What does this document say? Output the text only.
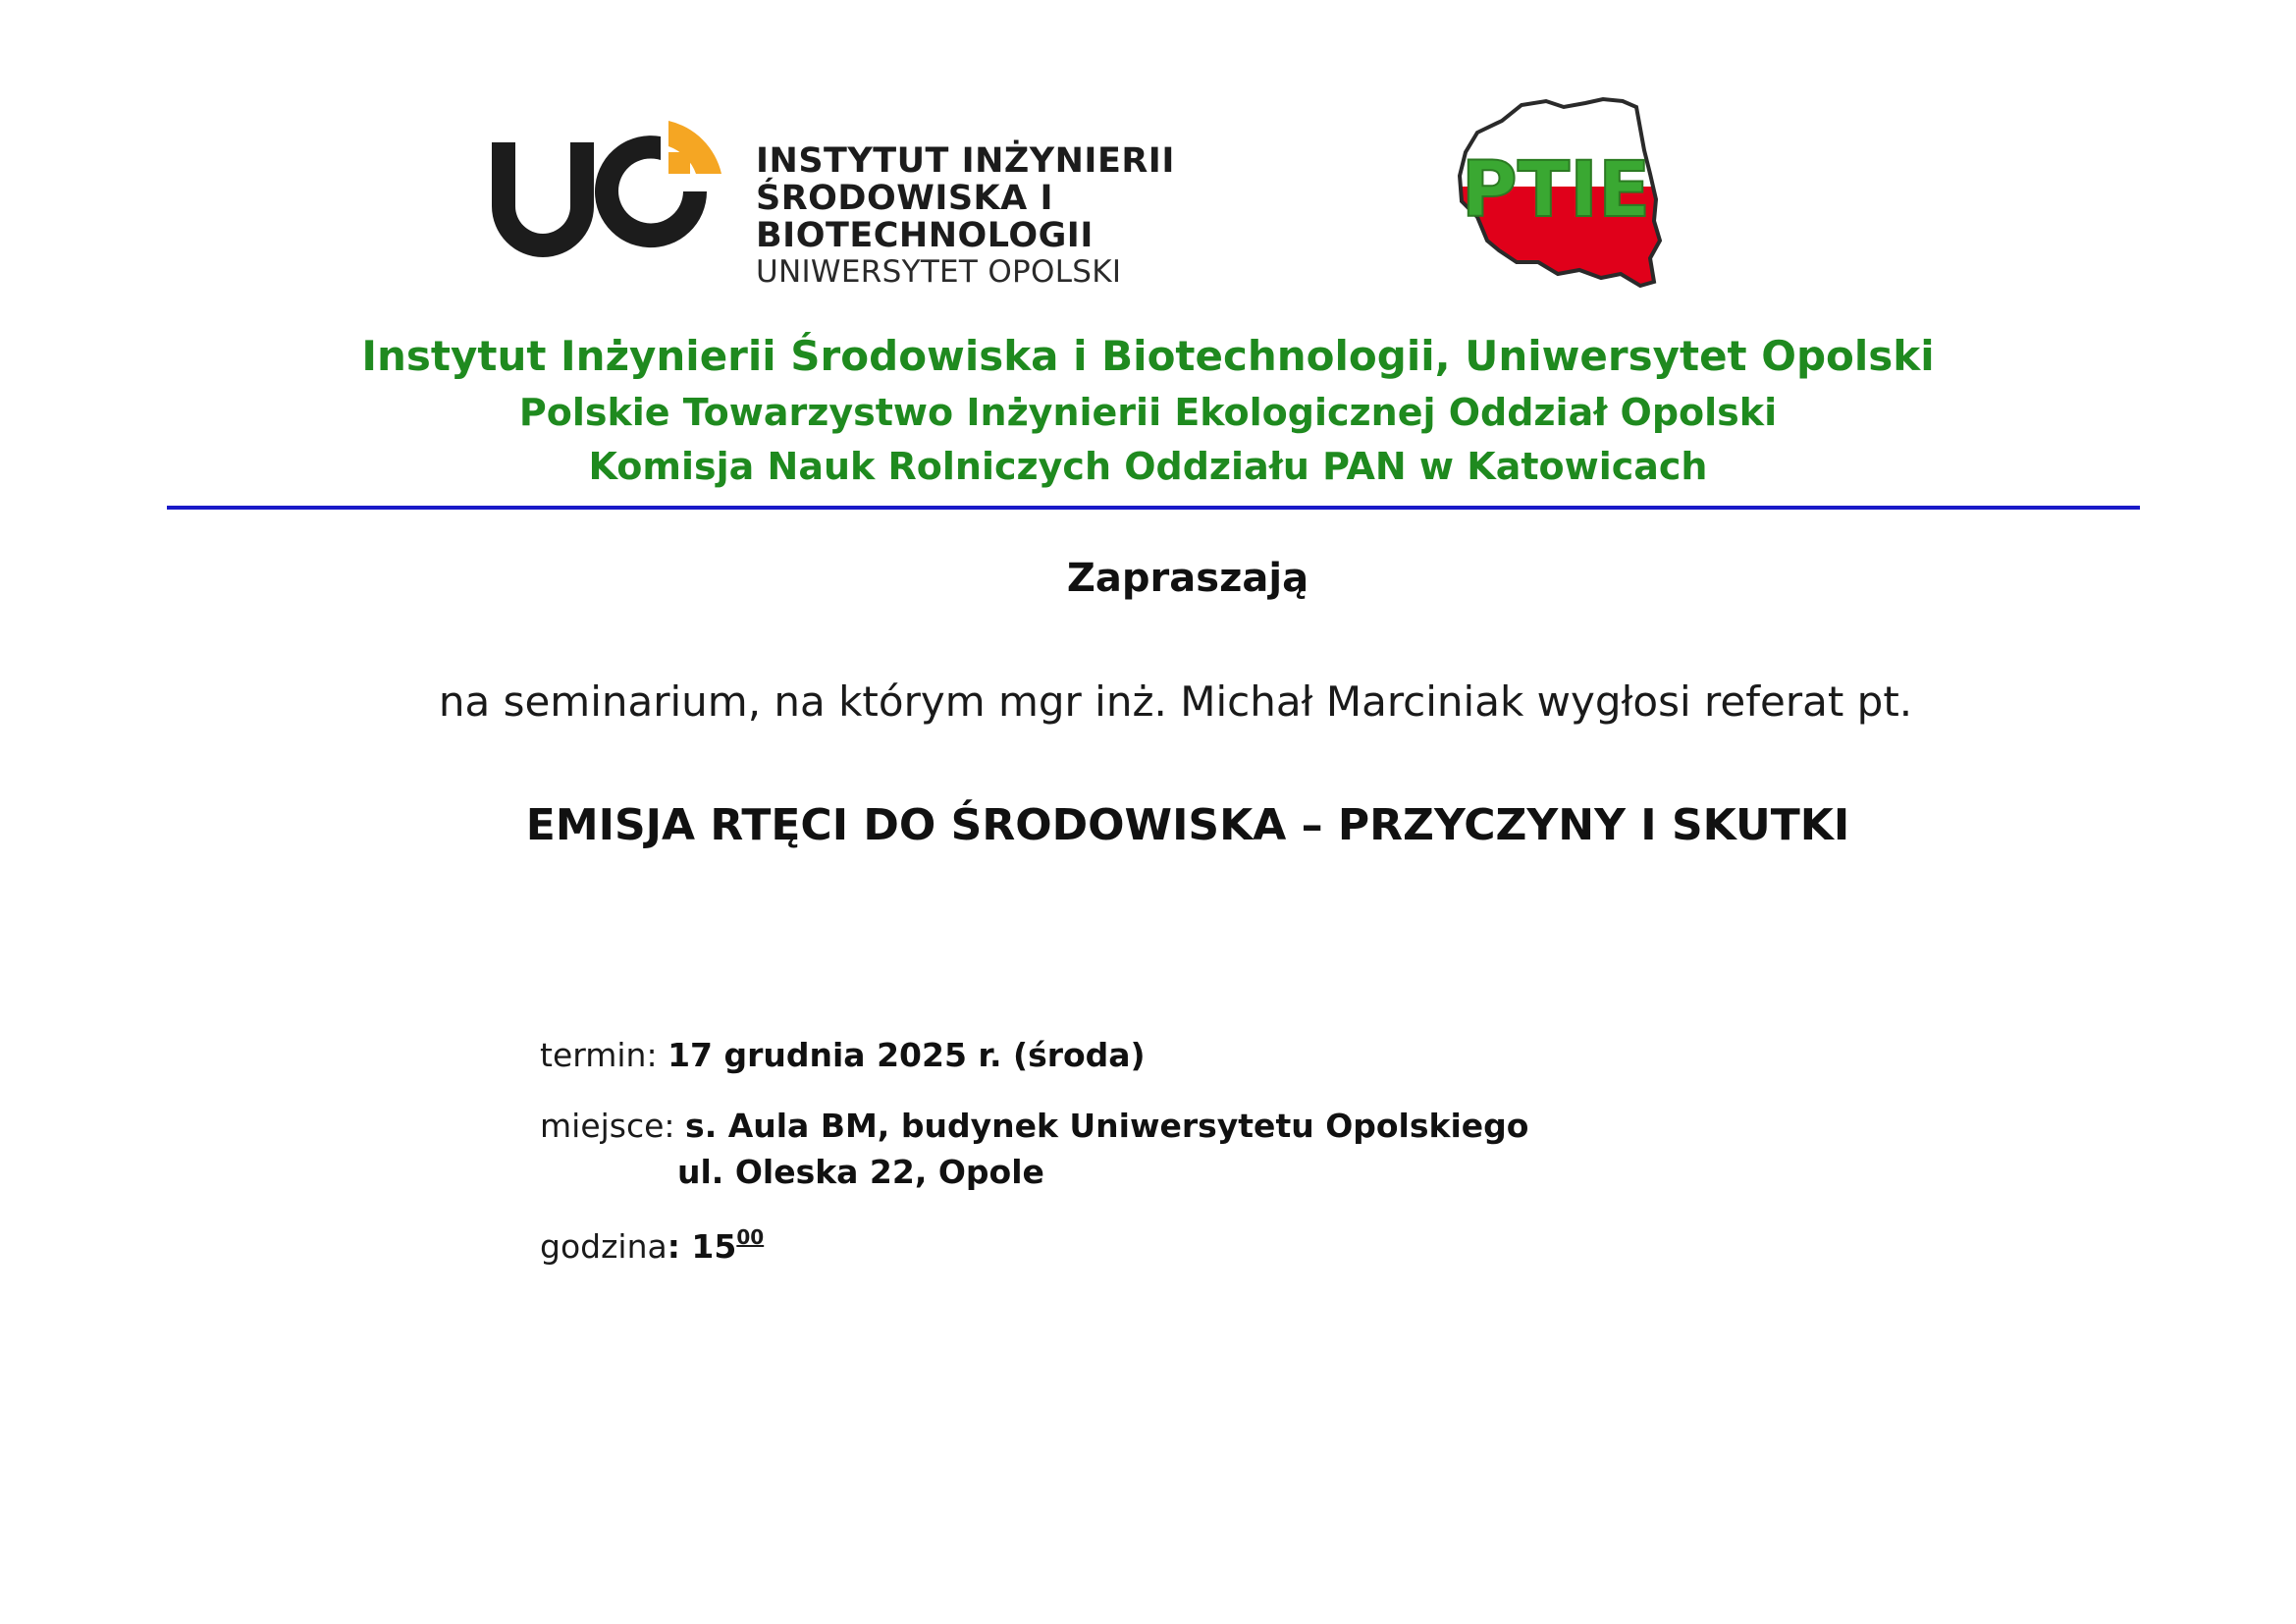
INSTYTUT INŻYNIERII
ŚRODOWISKA I BIOTECHNOLOGII
UNIWERSYTET OPOLSKI
PTIE
Instytut Inżynierii Środowiska i Biotechnologii, Uniwersytet Opolski
Polskie Towarzystwo Inżynierii Ekologicznej Oddział Opolski
Komisja Nauk Rolniczych Oddziału PAN w Katowicach
Zapraszają
na seminarium, na którym mgr inż. Michał Marciniak wygłosi referat pt.
EMISJA RTĘCI DO ŚRODOWISKA – PRZYCZYNY I SKUTKI
termin: 17 grudnia 2025 r. (środa)
miejsce: s. Aula BM, budynek Uniwersytetu Opolskiego
ul. Oleska 22, Opole
godzina: $15^{00}$
